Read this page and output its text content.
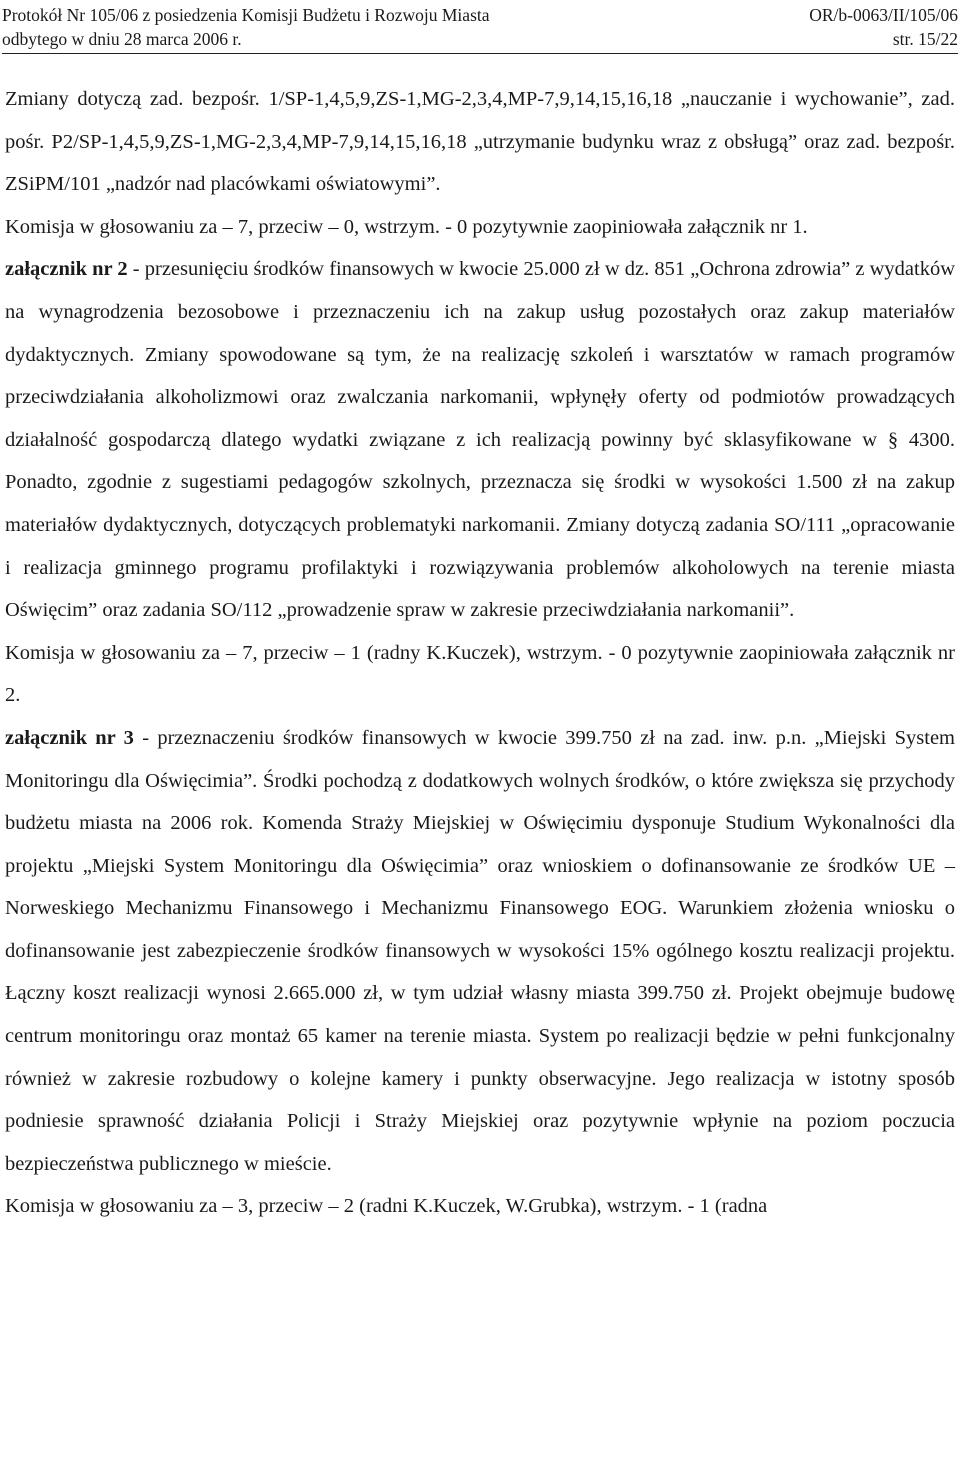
Protokół Nr 105/06 z posiedzenia Komisji Budżetu i Rozwoju Miasta	OR/b-0063/II/105/06
odbytego w dniu 28 marca 2006 r.	str. 15/22

Zmiany dotyczą zad. bezpośr. 1/SP-1,4,5,9,ZS-1,MG-2,3,4,MP-7,9,14,15,16,18 „nauczanie i wychowanie”, zad. pośr. P2/SP-1,4,5,9,ZS-1,MG-2,3,4,MP-7,9,14,15,16,18 „utrzymanie budynku wraz z obsługą” oraz zad. bezpośr. ZSiPM/101 „nadzór nad placówkami oświatowymi”.

Komisja w głosowaniu za – 7, przeciw – 0, wstrzym. - 0 pozytywnie zaopiniowała załącznik nr 1.

załącznik nr 2 - przesunięciu środków finansowych w kwocie 25.000 zł w dz. 851 „Ochrona zdrowia” z wydatków na wynagrodzenia bezosobowe i przeznaczeniu ich na zakup usług pozostałych oraz zakup materiałów dydaktycznych. Zmiany spowodowane są tym, że na realizację szkoleń i warsztatów w ramach programów przeciwdziałania alkoholizmowi oraz zwalczania narkomanii, wpłynęły oferty od podmiotów prowadzących działalność gospodarczą dlatego wydatki związane z ich realizacją powinny być sklasyfikowane w § 4300. Ponadto, zgodnie z sugestiami pedagogów szkolnych, przeznacza się środki w wysokości 1.500 zł na zakup materiałów dydaktycznych, dotyczących problematyki narkomanii. Zmiany dotyczą zadania SO/111 „opracowanie i realizacja gminnego programu profilaktyki i rozwiązywania problemów alkoholowych na terenie miasta Oświęcim” oraz zadania SO/112 „prowadzenie spraw w zakresie przeciwdziałania narkomanii”.

Komisja w głosowaniu za – 7, przeciw – 1 (radny K.Kuczek), wstrzym. - 0 pozytywnie zaopiniowała załącznik nr 2.

załącznik nr 3 - przeznaczeniu środków finansowych w kwocie 399.750 zł na zad. inw. p.n. „Miejski System Monitoringu dla Oświęcimia”. Środki pochodzą z dodatkowych wolnych środków, o które zwiększa się przychody budżetu miasta na 2006 rok. Komenda Straży Miejskiej w Oświęcimiu dysponuje Studium Wykonalności dla projektu „Miejski System Monitoringu dla Oświęcimia” oraz wnioskiem o dofinansowanie ze środków UE – Norweskiego Mechanizmu Finansowego i Mechanizmu Finansowego EOG. Warunkiem złożenia wniosku o dofinansowanie jest zabezpieczenie środków finansowych w wysokości 15% ogólnego kosztu realizacji projektu. Łączny koszt realizacji wynosi 2.665.000 zł, w tym udział własny miasta 399.750 zł. Projekt obejmuje budowę centrum monitoringu oraz montaż 65 kamer na terenie miasta. System po realizacji będzie w pełni funkcjonalny również w zakresie rozbudowy o kolejne kamery i punkty obserwacyjne. Jego realizacja w istotny sposób podniesie sprawność działania Policji i Straży Miejskiej oraz pozytywnie wpłynie na poziom poczucia bezpieczeństwa publicznego w mieście.

Komisja w głosowaniu za – 3, przeciw – 2 (radni K.Kuczek, W.Grubka), wstrzym. - 1 (radna
